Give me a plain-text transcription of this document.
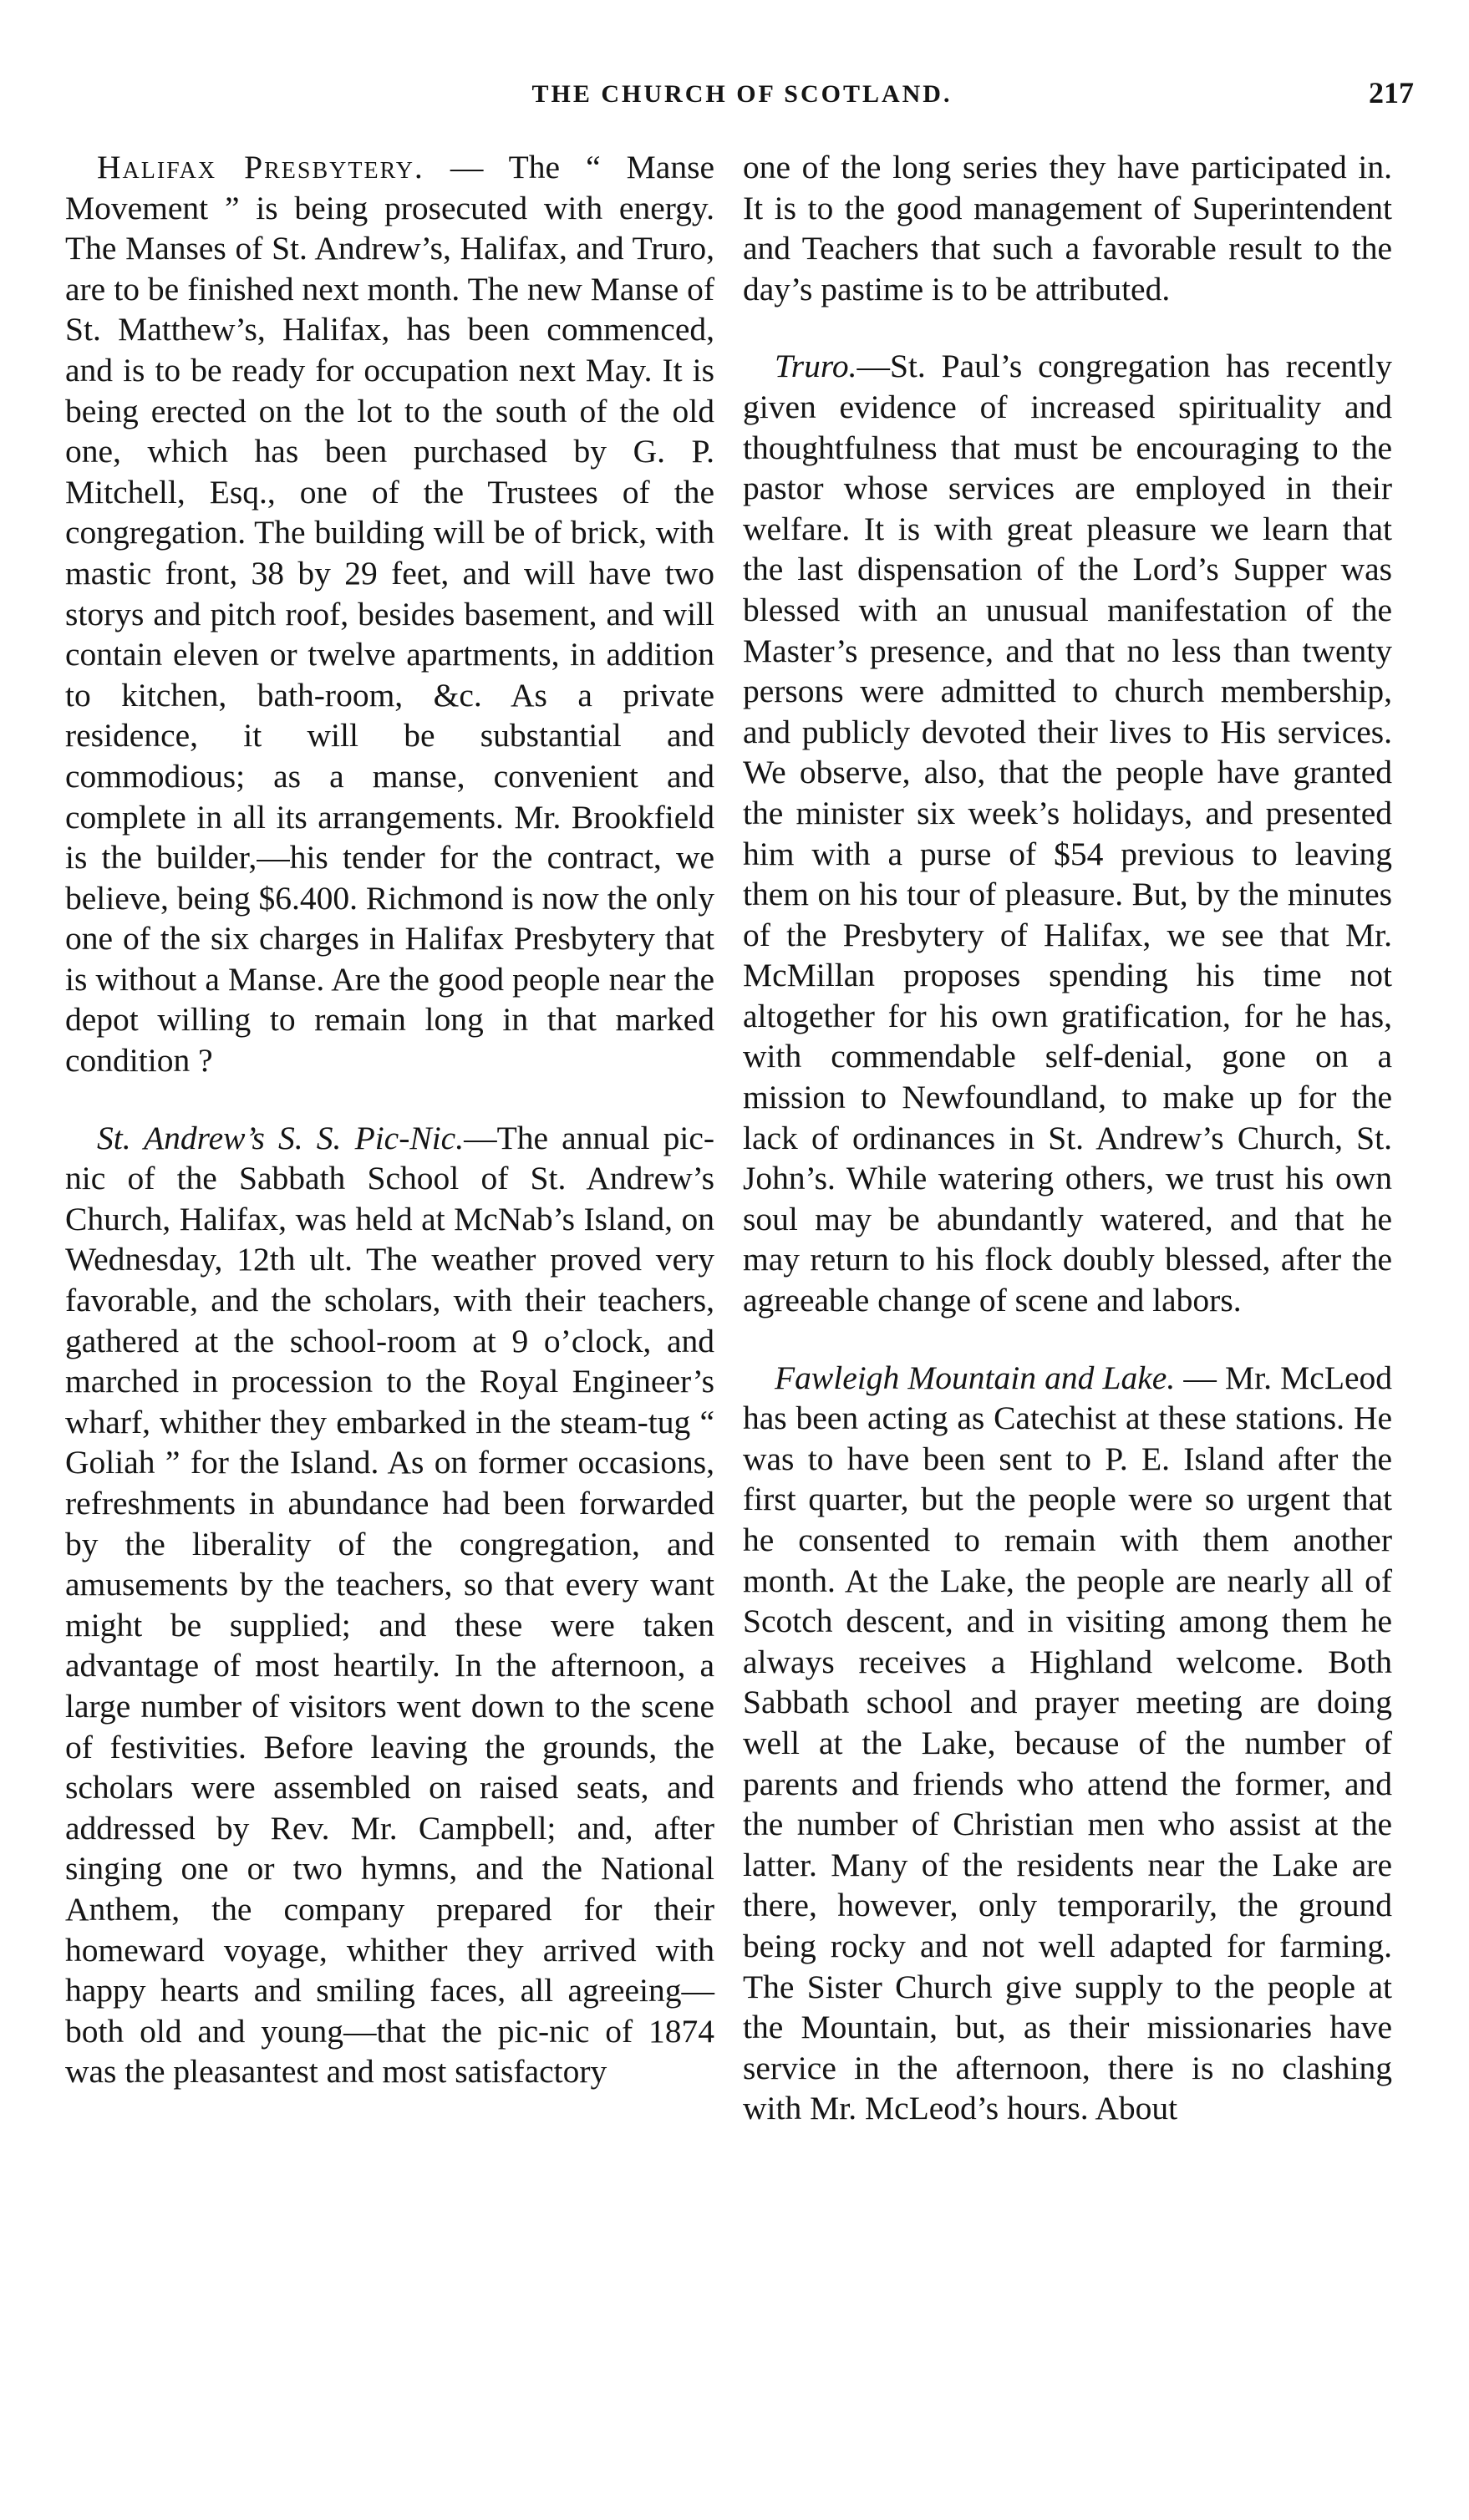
THE CHURCH OF SCOTLAND.	217

Halifax Presbytery. — The “ Manse Movement ” is being prosecuted with energy. The Manses of St. Andrew’s, Halifax, and Truro, are to be finished next month. The new Manse of St. Matthew’s, Halifax, has been commenced, and is to be ready for occupation next May. It is being erected on the lot to the south of the old one, which has been purchased by G. P. Mitchell, Esq., one of the Trustees of the congregation. The building will be of brick, with mastic front, 38 by 29 feet, and will have two storys and pitch roof, besides basement, and will contain eleven or twelve apartments, in addition to kitchen, bath-room, &c. As a private residence, it will be substantial and commodious; as a manse, convenient and complete in all its arrangements. Mr. Brookfield is the builder,—his tender for the contract, we believe, being $6.400. Richmond is now the only one of the six charges in Halifax Presbytery that is without a Manse. Are the good people near the depot willing to remain long in that marked condition ?

St. Andrew’s S. S. Pic-Nic.—The annual pic-nic of the Sabbath School of St. Andrew’s Church, Halifax, was held at McNab’s Island, on Wednesday, 12th ult. The weather proved very favorable, and the scholars, with their teachers, gathered at the school-room at 9 o’clock, and marched in procession to the Royal Engineer’s wharf, whither they embarked in the steam-tug “ Goliah ” for the Island. As on former occasions, refreshments in abundance had been forwarded by the liberality of the congregation, and amusements by the teachers, so that every want might be supplied; and these were taken advantage of most heartily. In the afternoon, a large number of visitors went down to the scene of festivities. Before leaving the grounds, the scholars were assembled on raised seats, and addressed by Rev. Mr. Campbell; and, after singing one or two hymns, and the National Anthem, the company prepared for their homeward voyage, whither they arrived with happy hearts and smiling faces, all agreeing—both old and young—that the pic-nic of 1874 was the pleasantest and most satisfactory

one of the long series they have participated in. It is to the good management of Superintendent and Teachers that such a favorable result to the day’s pastime is to be attributed.

Truro.—St. Paul’s congregation has recently given evidence of increased spirituality and thoughtfulness that must be encouraging to the pastor whose services are employed in their welfare. It is with great pleasure we learn that the last dispensation of the Lord’s Supper was blessed with an unusual manifestation of the Master’s presence, and that no less than twenty persons were admitted to church membership, and publicly devoted their lives to His services. We observe, also, that the people have granted the minister six week’s holidays, and presented him with a purse of $54 previous to leaving them on his tour of pleasure. But, by the minutes of the Presbytery of Halifax, we see that Mr. McMillan proposes spending his time not altogether for his own gratification, for he has, with commendable self-denial, gone on a mission to Newfoundland, to make up for the lack of ordinances in St. Andrew’s Church, St. John’s. While watering others, we trust his own soul may be abundantly watered, and that he may return to his flock doubly blessed, after the agreeable change of scene and labors.

Fawleigh Mountain and Lake. — Mr. McLeod has been acting as Catechist at these stations. He was to have been sent to P. E. Island after the first quarter, but the people were so urgent that he consented to remain with them another month. At the Lake, the people are nearly all of Scotch descent, and in visiting among them he always receives a Highland welcome. Both Sabbath school and prayer meeting are doing well at the Lake, because of the number of parents and friends who attend the former, and the number of Christian men who assist at the latter. Many of the residents near the Lake are there, however, only temporarily, the ground being rocky and not well adapted for farming. The Sister Church give supply to the people at the Mountain, but, as their missionaries have service in the afternoon, there is no clashing with Mr. McLeod’s hours. About
